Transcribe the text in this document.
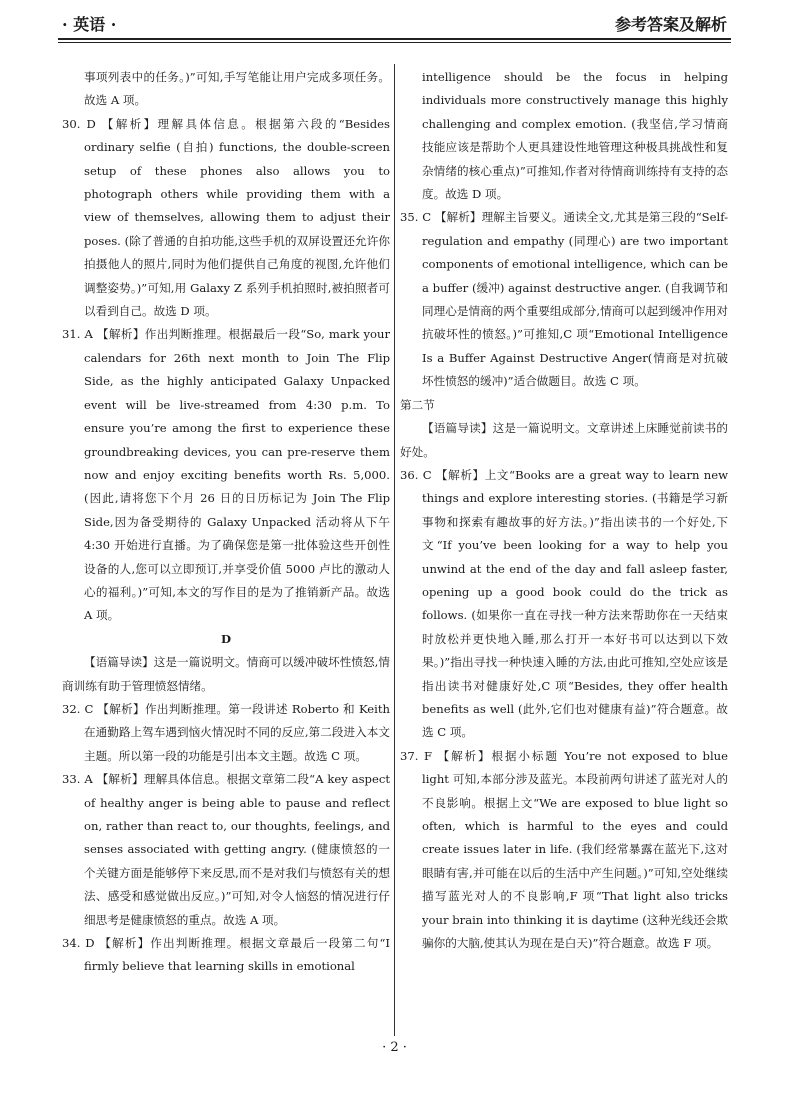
· 英语 ·	参考答案及解析

事项列表中的任务。)”可知,手写笔能让用户完成多项任务。故选 A 项。

30. D 【解析】理解具体信息。根据第六段的“Besides ordinary selfie (自拍) functions, the double-screen setup of these phones also allows you to photograph others while providing them with a view of themselves, allowing them to adjust their poses. (除了普通的自拍功能,这些手机的双屏设置还允许你拍摄他人的照片,同时为他们提供自己角度的视图,允许他们调整姿势。)”可知,用 Galaxy Z 系列手机拍照时,被拍照者可以看到自己。故选 D 项。

31. A 【解析】作出判断推理。根据最后一段“So, mark your calendars for 26th next month to Join The Flip Side, as the highly anticipated Galaxy Unpacked event will be live-streamed from 4:30 p.m. To ensure you’re among the first to experience these groundbreaking devices, you can pre-reserve them now and enjoy exciting benefits worth Rs. 5,000. (因此,请将您下个月 26 日的日历标记为 Join The Flip Side,因为备受期待的 Galaxy Unpacked 活动将从下午 4:30 开始进行直播。为了确保您是第一批体验这些开创性设备的人,您可以立即预订,并享受价值 5000 卢比的激动人心的福利。)”可知,本文的写作目的是为了推销新产品。故选 A 项。

D

【语篇导读】这是一篇说明文。情商可以缓冲破坏性愤怒,情商训练有助于管理愤怒情绪。

32. C 【解析】作出判断推理。第一段讲述 Roberto 和 Keith 在通勤路上驾车遇到恼火情况时不同的反应,第二段进入本文主题。所以第一段的功能是引出本文主题。故选 C 项。

33. A 【解析】理解具体信息。根据文章第二段“A key aspect of healthy anger is being able to pause and reflect on, rather than react to, our thoughts, feelings, and senses associated with getting angry. (健康愤怒的一个关键方面是能够停下来反思,而不是对我们与愤怒有关的想法、感受和感觉做出反应。)”可知,对令人恼怒的情况进行仔细思考是健康愤怒的重点。故选 A 项。

34. D 【解析】作出判断推理。根据文章最后一段第二句“I firmly believe that learning skills in emotional

intelligence should be the focus in helping individuals more constructively manage this highly challenging and complex emotion. (我坚信,学习情商技能应该是帮助个人更具建设性地管理这种极具挑战性和复杂情绪的核心重点)”可推知,作者对待情商训练持有支持的态度。故选 D 项。

35. C 【解析】理解主旨要义。通读全文,尤其是第三段的“Self-regulation and empathy (同理心) are two important components of emotional intelligence, which can be a buffer (缓冲) against destructive anger. (自我调节和同理心是情商的两个重要组成部分,情商可以起到缓冲作用对抗破坏性的愤怒。)”可推知,C 项“Emotional Intelligence Is a Buffer Against Destructive Anger(情商是对抗破坏性愤怒的缓冲)”适合做题目。故选 C 项。

第二节

【语篇导读】这是一篇说明文。文章讲述上床睡觉前读书的好处。

36. C 【解析】上文“Books are a great way to learn new things and explore interesting stories. (书籍是学习新事物和探索有趣故事的好方法。)”指出读书的一个好处,下文“If you’ve been looking for a way to help you unwind at the end of the day and fall asleep faster, opening up a good book could do the trick as follows. (如果你一直在寻找一种方法来帮助你在一天结束时放松并更快地入睡,那么打开一本好书可以达到以下效果。)”指出寻找一种快速入睡的方法,由此可推知,空处应该是指出读书对健康好处,C 项“Besides, they offer health benefits as well (此外,它们也对健康有益)”符合题意。故选 C 项。

37. F 【解析】根据小标题 You’re not exposed to blue light 可知,本部分涉及蓝光。本段前两句讲述了蓝光对人的不良影响。根据上文“We are exposed to blue light so often, which is harmful to the eyes and could create issues later in life. (我们经常暴露在蓝光下,这对眼睛有害,并可能在以后的生活中产生问题。)”可知,空处继续描写蓝光对人的不良影响,F 项“That light also tricks your brain into thinking it is daytime (这种光线还会欺骗你的大脑,使其认为现在是白天)”符合题意。故选 F 项。

· 2 ·
